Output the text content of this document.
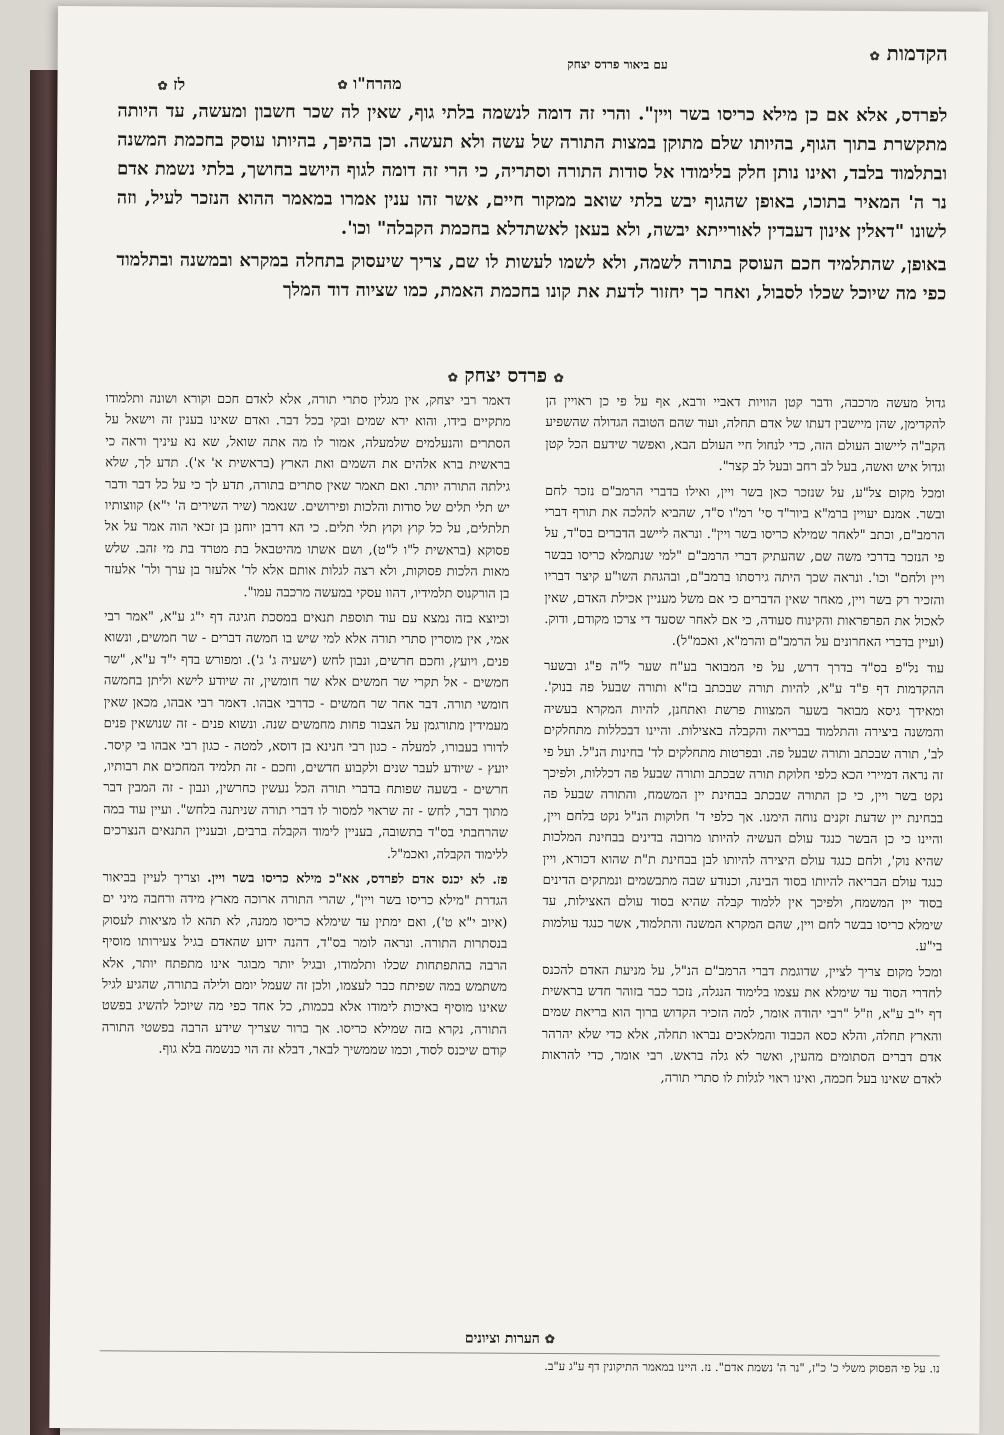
הקדמות ✿
עם ביאור פרדס יצחק
מהרח"ו ✿
לז ✿

לפרדס, אלא אם כן מילא כריסו בשר ויין". והרי זה דומה לנשמה בלתי גוף, שאין לה שכר חשבון ומעשה, עד היותה מתקשרת בתוך הגוף, בהיותו שלם מתוקן במצות התורה של עשה ולא תעשה. וכן בהיפך, בהיותו עוסק בחכמת המשנה ובתלמוד בלבד, ואינו נותן חלק בלימודו אל סודות התורה וסתריה, כי הרי זה דומה לגוף היושב בחושך, בלתי נשמת אדם נר ה' המאיר בתוכו, באופן שהגוף יבש בלתי שואב ממקור חיים, אשר זהו ענין אמרו במאמר ההוא הנזכר לעיל, וזה לשונו "דאלין אינון דעבדין לאורייתא יבשה, ולא בעאן לאשתדלא בחכמת הקבלה" וכו'.

באופן, שהתלמיד חכם העוסק בתורה לשמה, ולא לשמו לעשות לו שם, צריך שיעסוק בתחלה במקרא ובמשנה ובתלמוד כפי מה שיוכל שכלו לסבול, ואחר כך יחזור לדעת את קונו בחכמת האמת, כמו שציוה דוד המלך

✿ פרדס יצחק ✿

גדול מעשה מרכבה, ודבר קטן הוויות דאביי ורבא, אף על פי כן ראויין הן להקדימן, שהן מיישבין דעתו של אדם תחלה, ועוד שהם הטובה הגדולה שהשפיע הקב"ה ליישוב העולם הזה, כדי לנחול חיי העולם הבא, ואפשר שידעם הכל קטן וגדול איש ואשה, בעל לב רחב ובעל לב קצר".

ומכל מקום צל"ע, על שנזכר כאן בשר ויין, ואילו בדברי הרמב"ם נזכר לחם ובשר. אמנם יעויין ברמ"א ביור"ד סי' רמ"ו ס"ד, שהביא להלכה את תורף דברי הרמב"ם, וכתב "לאחר שמילא כריסו בשר ויין". ונראה ליישב הדברים בס"ד, על פי הנזכר בדרכי משה שם, שהעתיק דברי הרמב"ם "למי שנתמלא כריסו בבשר ויין ולחם" וכו'. ונראה שכך היתה גירסתו ברמב"ם, ובהגהת השו"ע קיצר דבריו והזכיר רק בשר ויין, מאחר שאין הדברים כי אם משל מעניין אכילת האדם, שאין לאכול את הפרפראות והקינוח סעודה, כי אם לאחר שסעד די צרכו מקודם, ודוק. (ועיין בדברי האחרונים על הרמב"ם והרמ"א, ואכמ"ל).

עוד נל"פ בס"ד בדרך דרש, על פי המבואר בע"ח שער ל"ה פ"ג ובשער ההקדמות דף פ"ד ע"א, להיות תורה שבכתב בז"א ותורה שבעל פה בנוק'. ומאידך גיסא מבואר בשער המצוות פרשת ואתחנן, להיות המקרא בעשיה והמשנה ביצירה והתלמוד בבריאה והקבלה באצילות. והיינו דבכללות מתחלקים לב', תורה שבכתב ותורה שבעל פה. ובפרטות מתחלקים לד' בחינות הנ"ל. ועל פי זה נראה דמיירי הכא כלפי חלוקת תורה שבכתב ותורה שבעל פה דכללות, ולפיכך נקט בשר ויין, כי כן התורה שבכתב בבחינת יין המשמח, והתורה שבעל פה בבחינת יין שדעת זקנים נוחה הימנו. אך כלפי ד' חלוקות הנ"ל נקט בלחם ויין, והיינו כי כן הבשר כנגד עולם העשיה להיותו מרובה בדינים בבחינת המלכות שהיא נוק', ולחם כנגד עולם היצירה להיותו לבן בבחינת ת"ת שהוא דכורא, ויין כנגד עולם הבריאה להיותו בסוד הבינה, וכנודע שבה מתבשמים ונמתקים הדינים בסוד יין המשמח, ולפיכך אין ללמוד קבלה שהיא בסוד עולם האצילות, עד שימלא כריסו בבשר לחם ויין, שהם המקרא המשנה והתלמוד, אשר כנגד עולמות בי"ע.

ומכל מקום צריך לציין, שדוגמת דברי הרמב"ם הנ"ל, על מניעת האדם להכנס לחדרי הסוד עד שימלא את עצמו בלימוד הנגלה, נזכר כבר בזוהר חדש בראשית דף י"ב ע"א, וז"ל "רבי יהודה אומר, למה הזכיר הקדוש ברוך הוא בריאת שמים והארץ תחלה, והלא כסא הכבוד והמלאכים נבראו תחלה, אלא כדי שלא יהרהר אדם דברים הסתומים מהעין, ואשר לא גלה בראש. רבי אומר, כדי להראות לאדם שאינו בעל חכמה, ואינו ראוי לגלות לו סתרי תורה,

דאמר רבי יצחק, אין מגלין סתרי תורה, אלא לאדם חכם וקורא ושונה ותלמודו מתקיים בידו, והוא ירא שמים ובקי בכל דבר. ואדם שאינו בענין זה וישאל על הסתרים והנעלמים שלמעלה, אמור לו מה אתה שואל, שא נא עיניך וראה כי בראשית ברא אלהים את השמים ואת הארץ (בראשית א' א'). תדע לך, שלא גילתה התורה יותר. ואם תאמר שאין סתרים בתורה, תדע לך כי על כל דבר ודבר יש תלי תלים של סודות והלכות ופירושים. שנאמר (שיר השירים ה' י"א) קווצותיו תלתלים, על כל קוץ וקוץ תלי תלים. כי הא דרבן יוחנן בן זכאי הוה אמר על אל פסוקא (בראשית ל"ו ל"ט), ושם אשתו מהיטבאל בת מטרד בת מי זהב. שלש מאות הלכות פסוקות, ולא רצה לגלות אותם אלא לר' אלעזר בן ערך ולר' אלעזר בן הורקנוס תלמידיו, דהוו עסקי במעשה מרכבה עמו".

וכיוצא בזה נמצא עם עוד תוספת תנאים במסכת חגיגה דף י"ג ע"א, "אמר רבי אמי, אין מוסרין סתרי תורה אלא למי שיש בו חמשה דברים - שר חמשים, ונשוא פנים, ויועץ, וחכם חרשים, ונבון לחש (ישעיה ג' ג'). ומפורש בדף י"ד ע"א, "שר חמשים - אל תקרי שר חמשים אלא שר חומשין, זה שיודע לישא וליתן בחמשה חומשי תורה. דבר אחר שר חמשים - כדרבי אבהו. דאמר רבי אבהו, מכאן שאין מעמידין מתורגמן על הצבור פחות מחמשים שנה. ונשוא פנים - זה שנושאין פנים לדורו בעבורו, למעלה - כגון רבי חנינא בן דוסא, למטה - כגון רבי אבהו בי קיסר. יועץ - שיודע לעבר שנים ולקבוע חדשים, וחכם - זה תלמיד המחכים את רבותיו, חרשים - בשעה שפותח בדברי תורה הכל נעשין כחרשין, ונבון - זה המבין דבר מתוך דבר, לחש - זה שראוי למסור לו דברי תורה שניתנה בלחש". ועיין עוד במה שהרחבתי בס"ד בתשובה, בעניין לימוד הקבלה ברבים, ובעניין התנאים הנצרכים ללימוד הקבלה, ואכמ"ל.

פז. לא יכנס אדם לפרדס, אא"כ מילא כריסו בשר ויין. וצריך לעיין בביאור הגדרת "מילא כריסו בשר ויין", שהרי התורה ארוכה מארץ מידה ורחבה מיני ים (איוב י"א ט'), ואם ימתין עד שימלא כריסו ממנה, לא תהא לו מציאות לעסוק בנסתרות התורה. ונראה לומר בס"ד, דהנה ידוע שהאדם בגיל צעירותו מוסיף הרבה בהתפתחות שכלו ותלמודו, ובגיל יותר מבוגר אינו מתפתח יותר, אלא משתמש במה שפיתח כבר לעצמו, ולכן זה שעמל יומם ולילה בתורה, שהגיע לגיל שאינו מוסיף באיכות לימודו אלא בכמות, כל אחד כפי מה שיוכל להשיג בפשט התורה, נקרא בזה שמילא כריסו. אך ברור שצריך שידע הרבה בפשטי התורה קודם שיכנס לסוד, וכמו שממשיך לבאר, דבלא זה הוי כנשמה בלא גוף.

✿ הערות וציונים
נו. על פי הפסוק משלי כ' כ"ז, "נר ה' נשמת אדם". נז. היינו במאמר התיקונין דף ע"ג ע"ב.
